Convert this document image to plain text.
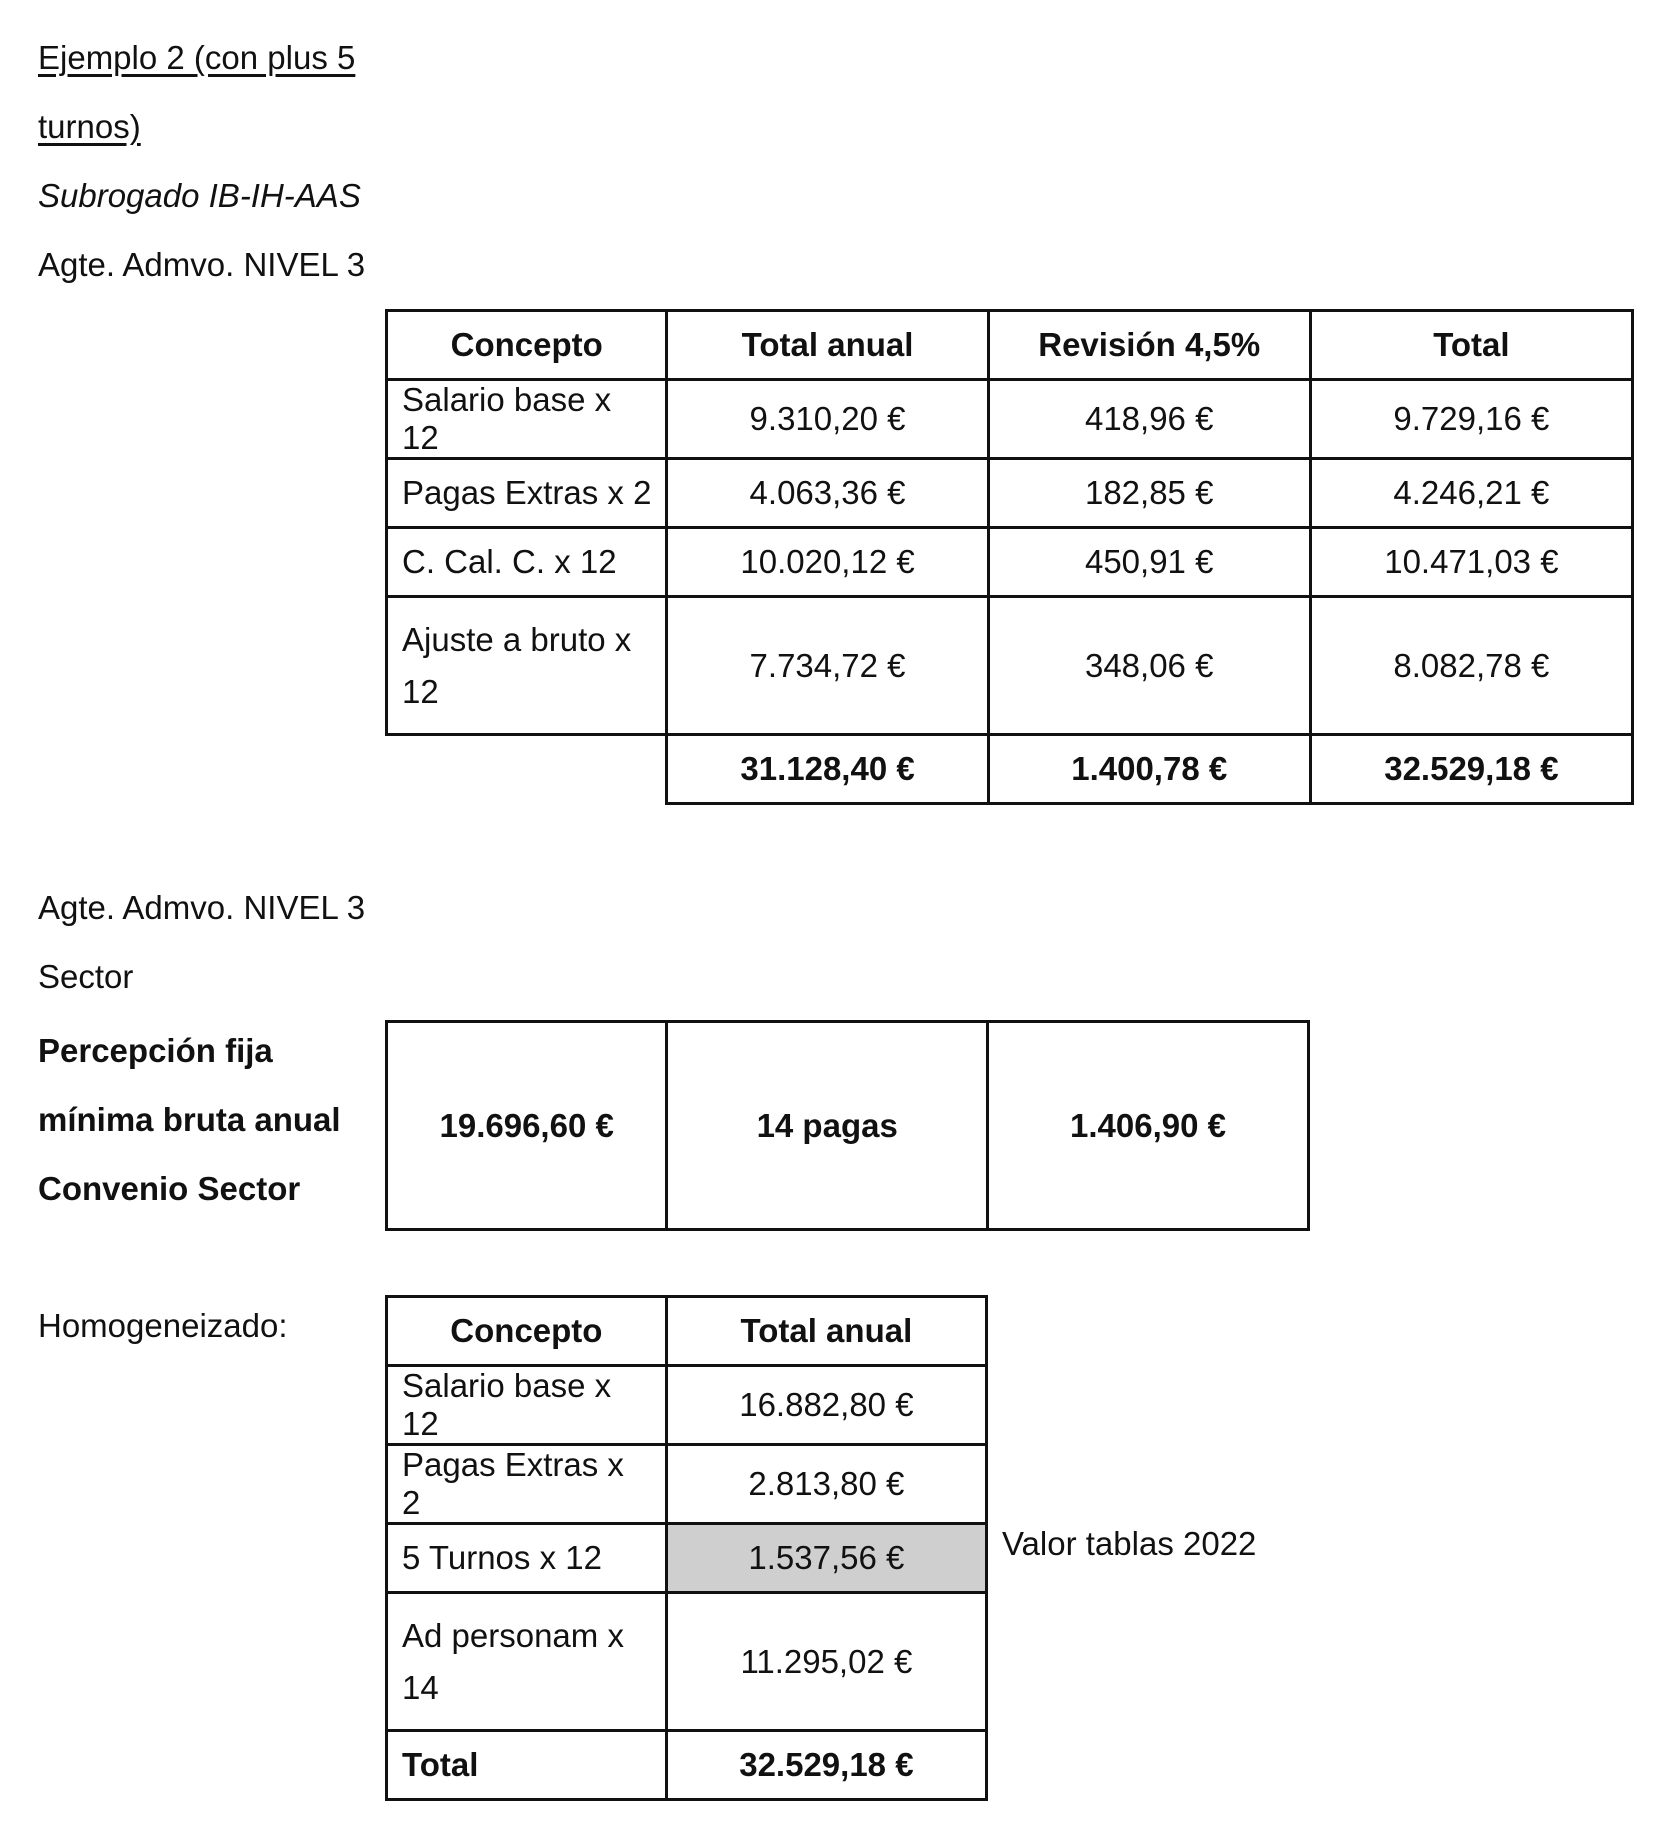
Ejemplo 2 (con plus 5
turnos)
Subrogado IB-IH-AAS
Agte. Admvo. NIVEL 3
Concepto	Total anual	Revisión 4,5%	Total
Salario base x 12	9.310,20 €	418,96 €	9.729,16 €
Pagas Extras x 2	4.063,36 €	182,85 €	4.246,21 €
C. Cal. C. x 12	10.020,12 €	450,91 €	10.471,03 €

Ajuste a bruto x
12	7.734,72 €	348,06 €	8.082,78 €
	31.128,40 €	1.400,78 €	32.529,18 €
Agte. Admvo. NIVEL 3
Sector
Percepción fija
mínima bruta anual
Convenio Sector
19.696,60 €	14 pagas	1.406,90 €
Homogeneizado:	Concepto	Total anual
Salario base x 12	16.882,80 €
Pagas Extras x 2	2.813,80 €
5 Turnos x 12	1.537,56 €

Ad personam x
14	11.295,02 €
Total	32.529,18 €
Valor tablas 2022
